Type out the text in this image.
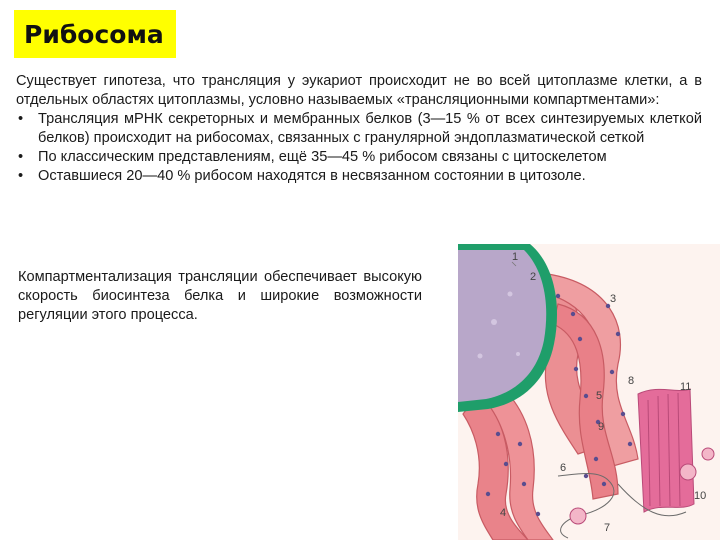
Рибосома

Существует гипотеза, что трансляция у эукариот происходит не во всей цитоплазме клетки, а в отдельных областях цитоплазмы, условно называемых «трансляционными компартментами»:

• Трансляция мРНК секреторных и мембранных белков (3—15 % от всех синтезируемых клеткой белков) происходит на рибосомах, связанных с гранулярной эндоплазматической сеткой
• По классическим представлениям, ещё 35—45 % рибосом связаны с цитоскелетом
• Оставшиеся 20—40 % рибосом находятся в несвязанном состоянии в цитозоле.

Компартментализация трансляции обеспечивает высокую скорость биосинтеза белка и широкие возможности регуляции этого процесса.

1
2
3
4
5
6
7
8
9
10
11
